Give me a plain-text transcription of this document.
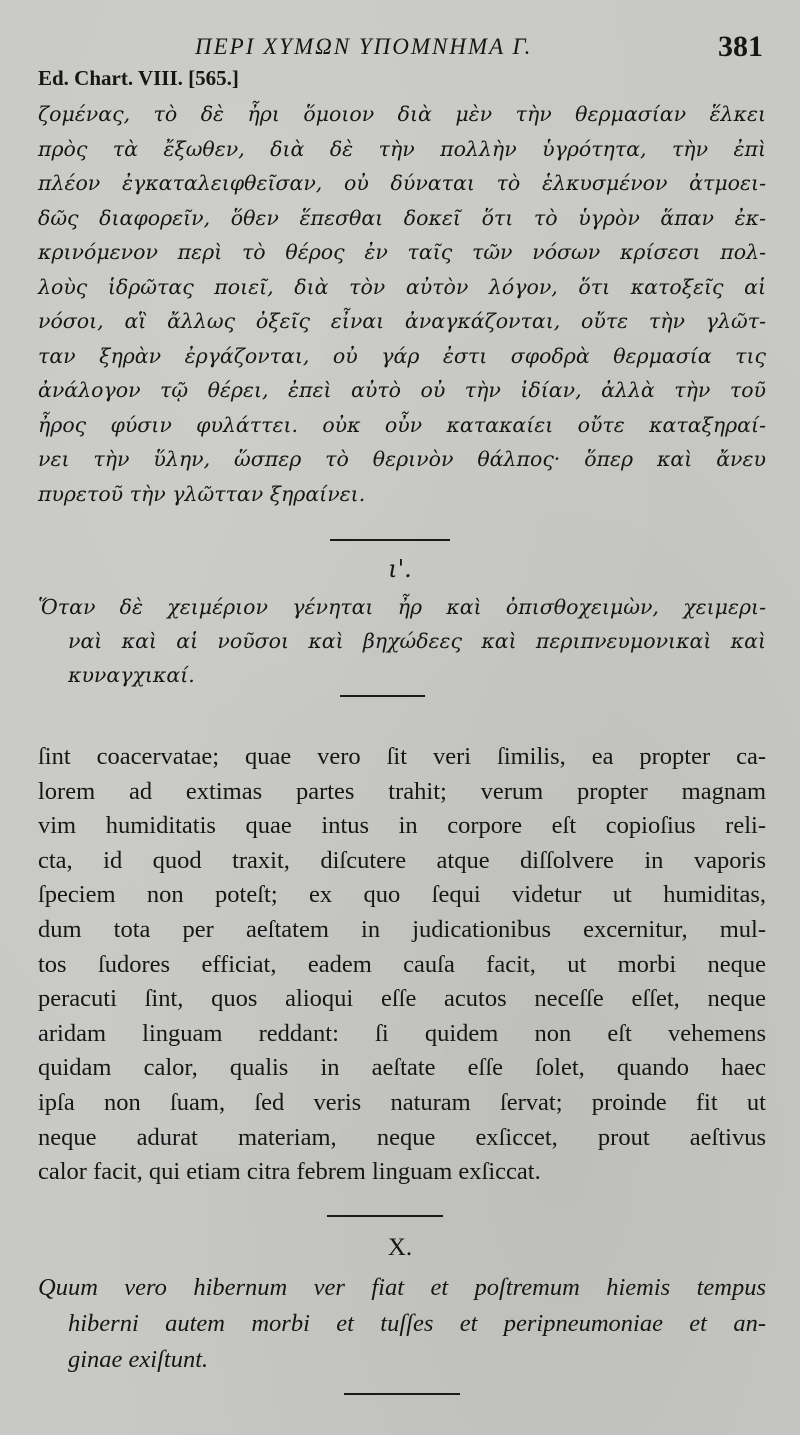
ΠΕΡΙ ΧΥΜΩΝ ΥΠΟΜΝΗΜΑ Γ.	381
Ed. Chart. VIII. [565.]
ζομένας, τὸ δὲ ἦρι ὅμοιον διὰ μὲν τὴν θερμασίαν ἕλκει
πρὸς τὰ ἔξωθεν, διὰ δὲ τὴν πολλὴν ὑγρότητα, τὴν ἐπὶ
πλέον ἐγκαταλειφθεῖσαν, οὐ δύναται τὸ ἑλκυσμένον ἀτμοει-
δῶς διαφορεῖν, ὅθεν ἕπεσθαι δοκεῖ ὅτι τὸ ὑγρὸν ἅπαν ἐκ-
κρινόμενον περὶ τὸ θέρος ἐν ταῖς τῶν νόσων κρίσεσι πολ-
λοὺς ἱδρῶτας ποιεῖ, διὰ τὸν αὐτὸν λόγον, ὅτι κατοξεῖς αἱ
νόσοι, αἳ ἄλλως ὀξεῖς εἶναι ἀναγκάζονται, οὔτε τὴν γλῶτ-
ταν ξηρὰν ἐργάζονται, οὐ γάρ ἐστι σφοδρὰ θερμασία τις
ἀνάλογον τῷ θέρει, ἐπεὶ αὐτὸ οὐ τὴν ἰδίαν, ἀλλὰ τὴν τοῦ
ἦρος φύσιν φυλάττει. οὐκ οὖν κατακαίει οὔτε καταξηραί-
νει τὴν ὕλην, ὥσπερ τὸ θερινὸν θάλπος· ὅπερ καὶ ἄνευ
πυρετοῦ τὴν γλῶτταν ξηραίνει.
ι'.
Ὅταν δὲ χειμέριον γένηται ἦρ καὶ ὀπισθοχειμὼν, χειμερι-
ναὶ καὶ αἱ νοῦσοι καὶ βηχώδεες καὶ περιπνευμονικαὶ καὶ
κυναγχικαί.
ſint coacervatae; quae vero ſit veri ſimilis, ea propter ca-
lorem ad extimas partes trahit; verum propter magnam
vim humiditatis quae intus in corpore eſt copioſius reli-
cta, id quod traxit, diſcutere atque diſſolvere in vaporis
ſpeciem non poteſt; ex quo ſequi videtur ut humiditas,
dum tota per aeſtatem in judicationibus excernitur, mul-
tos ſudores efficiat, eadem cauſa facit, ut morbi neque
peracuti ſint, quos alioqui eſſe acutos neceſſe eſſet, neque
aridam linguam reddant: ſi quidem non eſt vehemens
quidam calor, qualis in aeſtate eſſe ſolet, quando haec
ipſa non ſuam, ſed veris naturam ſervat; proinde fit ut
neque adurat materiam, neque exſiccet, prout aeſtivus
calor facit, qui etiam citra febrem linguam exſiccat.
X.
Quum vero hibernum ver fiat et poſtremum hiemis tempus
hiberni autem morbi et tuſſes et peripneumoniae et an-
ginae exiſtunt.
